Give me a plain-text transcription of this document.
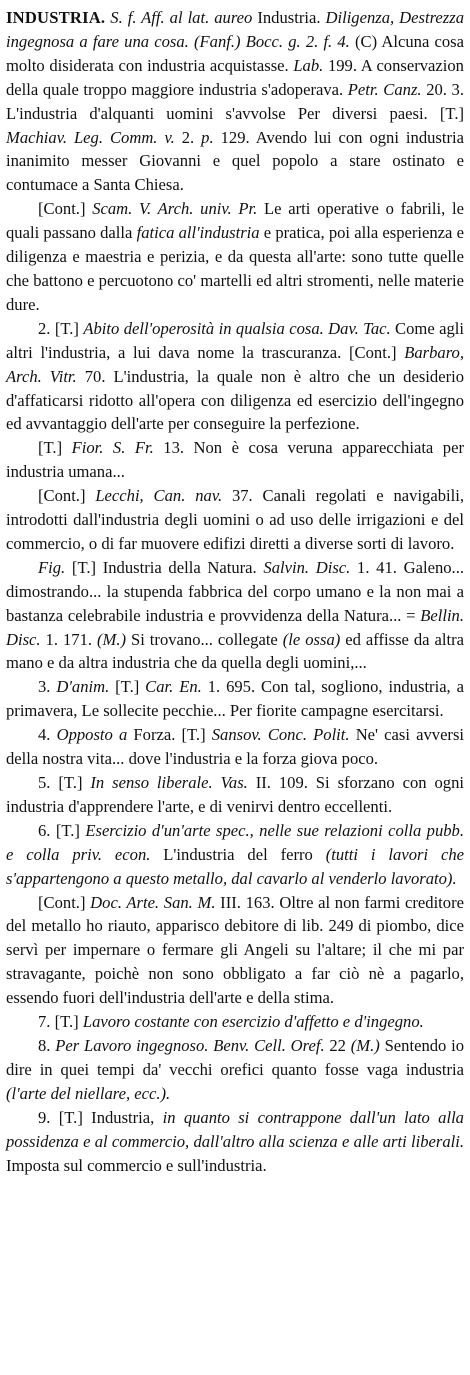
INDUSTRIA. S. f. Aff. al lat. aureo Industria. Diligenza, Destrezza ingegnosa a fare una cosa. (Fanf.) Bocc. g. 2. f. 4. (C) Alcuna cosa molto disiderata con industria acquistasse. Lab. 199. A conservazion della quale troppo maggiore industria s'adoperava. Petr. Canz. 20. 3. L'industria d'alquanti uomini s'avvolse Per diversi paesi. [T.] Machiav. Leg. Comm. v. 2. p. 129. Avendo lui con ogni industria inanimito messer Giovanni e quel popolo a stare ostinato e contumace a Santa Chiesa.

[Cont.] Scam. V. Arch. univ. Pr. Le arti operative o fabrili, le quali passano dalla fatica all'industria e pratica, poi alla esperienza e diligenza e maestria e perizia, e da questa all'arte: sono tutte quelle che battono e percuotono co' martelli ed altri stromenti, nelle materie dure.

2. [T.] Abito dell'operosità in qualsia cosa. Dav. Tac. Come agli altri l'industria, a lui dava nome la trascuranza. [Cont.] Barbaro, Arch. Vitr. 70. L'industria, la quale non è altro che un desiderio d'affaticarsi ridotto all'opera con diligenza ed esercizio dell'ingegno ed avvantaggio dell'arte per conseguire la perfezione.

[T.] Fior. S. Fr. 13. Non è cosa veruna apparecchiata per industria umana...

[Cont.] Lecchi, Can. nav. 37. Canali regolati e navigabili, introdotti dall'industria degli uomini o ad uso delle irrigazioni e del commercio, o di far muovere edifizi diretti a diverse sorti di lavoro.

Fig. [T.] Industria della Natura. Salvin. Disc. 1. 41. Galeno... dimostrando... la stupenda fabbrica del corpo umano e la non mai a bastanza celebrabile industria e provvidenza della Natura... = Bellin. Disc. 1. 171. (M.) Si trovano... collegate (le ossa) ed affisse da altra mano e da altra industria che da quella degli uomini,...

3. D'anim. [T.] Car. En. 1. 695. Con tal, sogliono, industria, a primavera, Le sollecite pecchie... Per fiorite campagne esercitarsi.

4. Opposto a Forza. [T.] Sansov. Conc. Polit. Ne' casi avversi della nostra vita... dove l'industria e la forza giova poco.

5. [T.] In senso liberale. Vas. II. 109. Si sforzano con ogni industria d'apprendere l'arte, e di venirvi dentro eccellenti.

6. [T.] Esercizio d'un'arte spec., nelle sue relazioni colla pubb. e colla priv. econ. L'industria del ferro (tutti i lavori che s'appartengono a questo metallo, dal cavarlo al venderlo lavorato).

[Cont.] Doc. Arte. San. M. III. 163. Oltre al non farmi creditore del metallo ho riauto, apparisco debitore di lib. 249 di piombo, dice servì per impernare o fermare gli Angeli su l'altare; il che mi par stravagante, poichè non sono obbligato a far ciò nè a pagarlo, essendo fuori dell'industria dell'arte e della stima.

7. [T.] Lavoro costante con esercizio d'affetto e d'ingegno.

8. Per Lavoro ingegnoso. Benv. Cell. Oref. 22 (M.) Sentendo io dire in quei tempi da' vecchi orefici quanto fosse vaga industria (l'arte del niellare, ecc.).

9. [T.] Industria, in quanto si contrappone dall'un lato alla possidenza e al commercio, dall'altro alla scienza e alle arti liberali. Imposta sul commercio e sull'industria.
